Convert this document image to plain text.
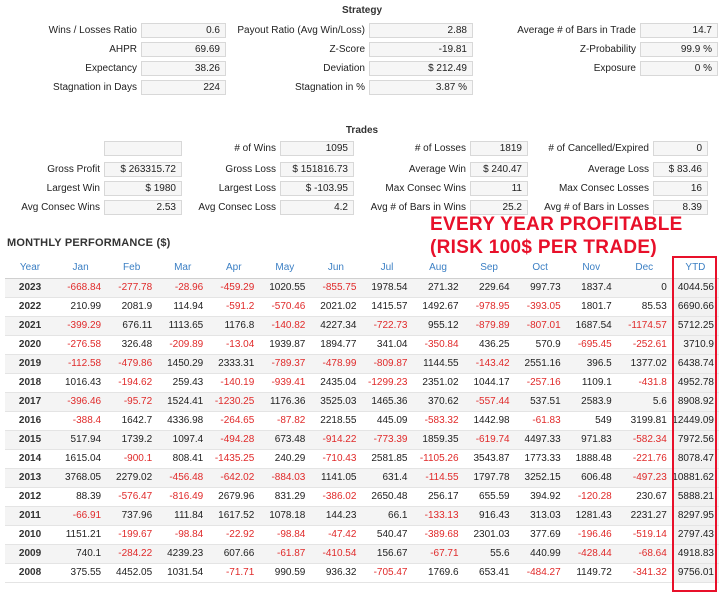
Strategy
Wins / Losses Ratio	0.6
AHPR	69.69
Expectancy	38.26
Stagnation in Days	224
Payout Ratio (Avg Win/Loss)	2.88
Z-Score	-19.81
Deviation	$ 212.49
Stagnation in %	3.87 %
Average # of Bars in Trade	14.7
Z-Probability	99.9 %
Exposure	0 %
Trades
Gross Profit	$ 263315.72
Largest Win	$ 1980
Avg Consec Wins	2.53
# of Wins	1095
Gross Loss	$ 151816.73
Largest Loss	$ -103.95
Avg Consec Loss	4.2
# of Losses	1819
Average Win	$ 240.47
Max Consec Wins	11
Avg # of Bars in Wins	25.2
# of Cancelled/Expired	0
Average Loss	$ 83.46
Max Consec Losses	16
Avg # of Bars in Losses	8.39
MONTHLY PERFORMANCE ($)
EVERY YEAR PROFITABLE
(RISK 100$ PER TRADE)
Year	Jan	Feb	Mar	Apr	May	Jun	Jul	Aug	Sep	Oct	Nov	Dec	YTD
2023	-668.84	-277.78	-28.96	-459.29	1020.55	-855.75	1978.54	271.32	229.64	997.73	1837.4	0	4044.56
2022	210.99	2081.9	114.94	-591.2	-570.46	2021.02	1415.57	1492.67	-978.95	-393.05	1801.7	85.53	6690.66
2021	-399.29	676.11	1113.65	1176.8	-140.82	4227.34	-722.73	955.12	-879.89	-807.01	1687.54	-1174.57	5712.25
2020	-276.58	326.48	-209.89	-13.04	1939.87	1894.77	341.04	-350.84	436.25	570.9	-695.45	-252.61	3710.9
2019	-112.58	-479.86	1450.29	2333.31	-789.37	-478.99	-809.87	1144.55	-143.42	2551.16	396.5	1377.02	6438.74
2018	1016.43	-194.62	259.43	-140.19	-939.41	2435.04	-1299.23	2351.02	1044.17	-257.16	1109.1	-431.8	4952.78
2017	-396.46	-95.72	1524.41	-1230.25	1176.36	3525.03	1465.36	370.62	-557.44	537.51	2583.9	5.6	8908.92
2016	-388.4	1642.7	4336.98	-264.65	-87.82	2218.55	445.09	-583.32	1442.98	-61.83	549	3199.81	12449.09
2015	517.94	1739.2	1097.4	-494.28	673.48	-914.22	-773.39	1859.35	-619.74	4497.33	971.83	-582.34	7972.56
2014	1615.04	-900.1	808.41	-1435.25	240.29	-710.43	2581.85	-1105.26	3543.87	1773.33	1888.48	-221.76	8078.47
2013	3768.05	2279.02	-456.48	-642.02	-884.03	1141.05	631.4	-114.55	1797.78	3252.15	606.48	-497.23	10881.62
2012	88.39	-576.47	-816.49	2679.96	831.29	-386.02	2650.48	256.17	655.59	394.92	-120.28	230.67	5888.21
2011	-66.91	737.96	111.84	1617.52	1078.18	144.23	66.1	-133.13	916.43	313.03	1281.43	2231.27	8297.95
2010	1151.21	-199.67	-98.84	-22.92	-98.84	-47.42	540.47	-389.68	2301.03	377.69	-196.46	-519.14	2797.43
2009	740.1	-284.22	4239.23	607.66	-61.87	-410.54	156.67	-67.71	55.6	440.99	-428.44	-68.64	4918.83
2008	375.55	4452.05	1031.54	-71.71	990.59	936.32	-705.47	1769.6	653.41	-484.27	1149.72	-341.32	9756.01
